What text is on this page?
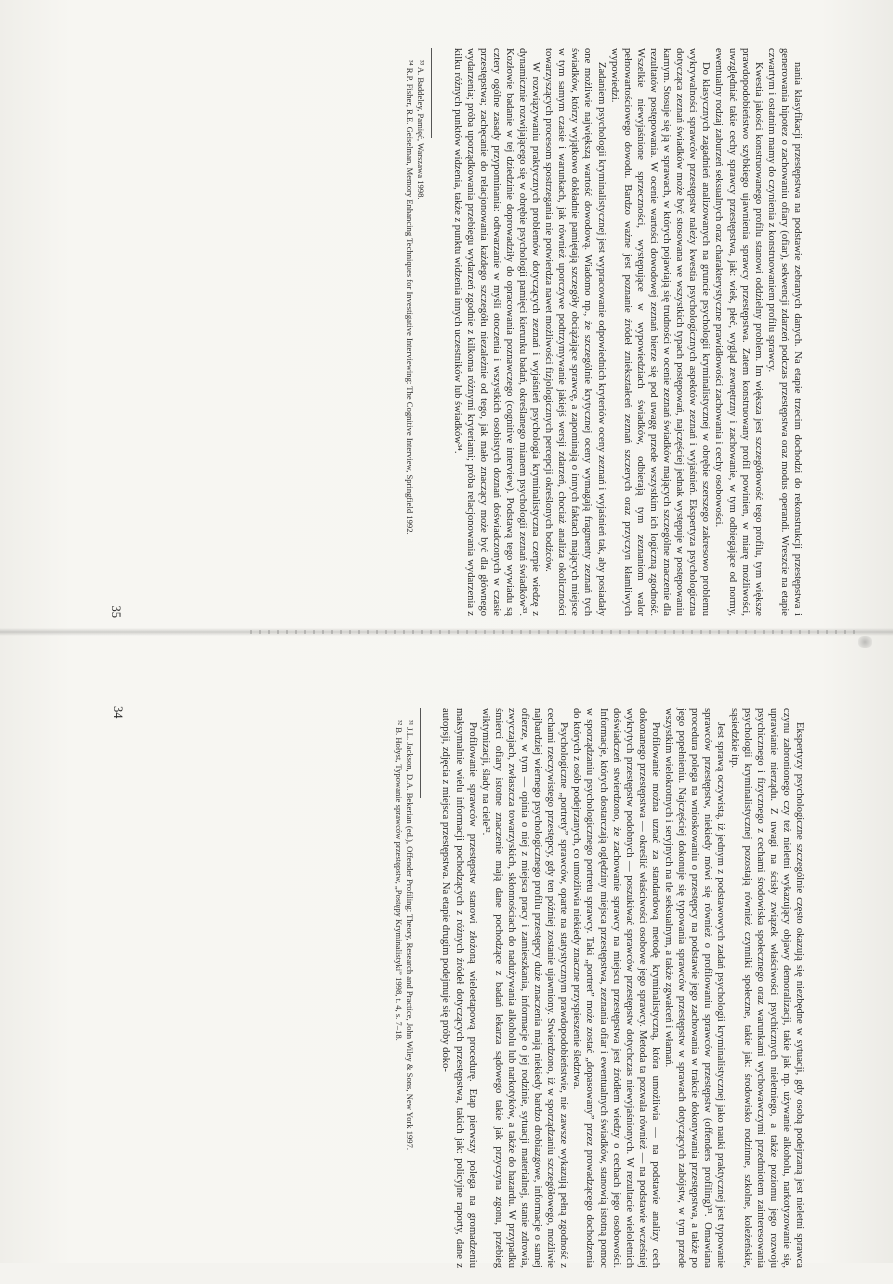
Ekspertyzy psychologiczne szczególnie często okazują się niezbędne w sytuacji, gdy osobą podejrzaną jest nieletni sprawca czynu zabronionego czy też nieletni wykazujący objawy demoralizacji, takie jak np. używanie alkoholu, narkotyzowanie się, uprawianie nierządu. Z uwagi na ścisły związek właściwości psychicznych nieletniego, a także poziomu jego rozwoju psychicznego i fizycznego z cechami środowiska społecznego oraz warunkami wychowawczymi przedmiotem zainteresowania psychologii kryminalistycznej pozostają również czynniki społeczne, takie jak: środowisko rodzinne, szkolne, koleżeńskie, sąsiedzkie itp.

Jest sprawą oczywistą, iż jednym z podstawowych zadań psychologii kryminalistycznej jako nauki praktycznej jest typowanie sprawców przestępstw, niekiedy mówi się również o profilowaniu sprawców przestępstw (offenders profiling)³¹. Omawiana procedura polega na wnioskowaniu o przestępcy na podstawie jego zachowania w trakcie dokonywania przestępstwa, a także po jego popełnieniu. Najczęściej dokonuje się typowania sprawców przestępstw w sprawach dotyczących zabójstw, w tym przede wszystkim wielokrotnych i seryjnych na tle seksualnym, a także zgwałceń i włamań.

Profilowanie można uznać za standardową metodę kryminalistyczną, która umożliwia — na podstawie analizy cech dokonanego przestępstwa — określić właściwości osobowe jego sprawcy. Metoda ta pozwala również — na podstawie wcześniej wykrytych przestępstw podobnych — poszukiwać sprawców przestępstw dotychczas niewyjaśnionych. W rezultacie wieloletnich doświadczeń stwierdzono, że zachowanie sprawcy na miejscu przestępstwa jest źródłem wiedzy o cechach jego osobowości. Informacje, których dostarczają oględziny miejsca przestępstwa, zeznania ofiar i ewentualnych świadków, stanowią istotną pomoc w sporządzaniu psychologicznego portretu sprawcy. Taki „portret” może zostać „dopasowany” przez prowadzącego dochodzenia do których z osób podejrzanych, co umożliwia niekiedy znaczne przyspieszenie śledztwa.

Psychologiczne „portrety” sprawców, oparte na statystycznym prawdopodobieństwie, nie zawsze wykazują pełną zgodność z cechami rzeczywistego przestępcy, gdy ten później zostanie ujawniony. Stwierdzono, iż w sporządzaniu szczegółowego, możliwie najbardziej wiernego psychologicznego profilu przestępcy duże znaczenia mają niekiedy bardzo drobiazgowe, informacje o samej ofierze, w tym — opinia o niej z miejsca pracy i zamieszkania, informacje o jej rodzinie, sytuacji materialnej, stanie zdrowia, zwyczajach, zwłaszcza towarzyskich, skłonnościach do nadużywania alkoholu lub narkotyków, a także do hazardu. W przypadku śmierci ofiary istotne znaczenie mają dane pochodzące z badań lekarza sądowego takie jak przyczyna zgonu, przebieg wiktymizacji, ślady na ciele³².

Profilowanie sprawców przestępstw stanowi złożoną wieloetapową procedurę. Etap pierwszy polega na gromadzeniu maksymalnie wielu informacji pochodzących z różnych źródeł dotyczących przestępstwa, takich jak: policyjne raporty, dane z autopsji, zdjęcia z miejsca przestępstwa. Na etapie drugim podejmuje się próby doko-

³¹ J.L. Jackson, D.A. Bekerian (ed.), Offender Profiling: Theory, Research and Practice, John Wiley & Sons, New York 1997.

³² B. Hołyst, Typowanie sprawców przestępstw, „Postępy Kryminalistyki” 1998, t. 4, s. 7–18.

34

nania klasyfikacji przestępstwa na podstawie zebranych danych. Na etapie trzecim dochodzi do rekonstrukcji przestępstwa i generowania hipotez o zachowaniu ofiary (ofiar), sekwencji zdarzeń podczas przestępstwa oraz modus operandi. Wreszcie na etapie czwartym i ostatnim mamy do czynienia z konstruowaniem profilu sprawcy.

Kwestia jakości konstruowanego profilu stanowi oddzielny problem. Im większa jest szczegółowość tego profilu, tym większe prawdopodobieństwo szybkiego ujawnienia sprawcy przestępstwa. Zatem konstruowany profil powinien, w miarę możliwości, uwzględniać takie cechy sprawcy przestępstwa, jak: wiek, płeć, wygląd zewnętrzny i zachowanie, w tym odbiegające od normy, ewentualny rodzaj zaburzeń seksualnych oraz charakterystyczne prawidłowości zachowania i cechy osobowości.

Do klasycznych zagadnień analizowanych na gruncie psychologii kryminalistycznej w obrębie szerszego zakresowo problemu wykrywalności sprawców przestępstw należy kwestia psychologicznych aspektów zeznań i wyjaśnień. Ekspertyza psychologiczna dotycząca zeznań świadków może być stosowana we wszystkich typach postępowań, najczęściej jednak występuje w postępowaniu karnym. Stosuje się ją w sprawach, w których pojawiają się trudności w ocenie zeznań świadków mających szczególne znaczenie dla rezultatów postępowania. W ocenie wartości dowodowej zeznań bierze się pod uwagę przede wszystkim ich logiczną zgodność. Wszelkie niewyjaśnione sprzeczności, występujące w wypowiedziach świadków, odbierają tym zeznaniom walor pełnowartościowego dowodu. Bardzo ważne jest poznanie źródeł zniekształceń zeznań szczerych oraz przyczyn kłamliwych wypowiedzi.

Zadaniem psychologii kryminalistycznej jest wypracowanie odpowiednich kryteriów oceny zeznań i wyjaśnień tak, aby posiadały one możliwie największą wartość dowodową. Wiadomo np., że szczególnie krytycznej oceny wymagają fragmenty zeznań tych świadków, którzy wyjątkowo dokładnie pamiętają szczegóły obciążające sprawcę, a zapominają o innych faktach mających miejsce w tym samym czasie i warunkach, jak również uporczywe podtrzymywanie jakiejś wersji zdarzeń, chociaż analiza okoliczności towarzyszących procesom spostrzegania nie potwierdza nawet możliwości fizjologicznych percepcji określonych bodźców.

W rozwiązywaniu praktycznych problemów dotyczących zeznań i wyjaśnień psychologia kryminalistyczna czerpie wiedzę z dynamicznie rozwijającego się w obrębie psychologii pamięci kierunku badań, określanego mianem psychologii zeznań świadków³³. Kozłowie badanie w tej dziedzinie doprowadziły do opracowania poznawczego (cognitive interview). Podstawą tego wywiadu są cztery ogólne zasady przypominania: odtwarzanie w myśli otoczenia i wszystkich osobistych doznań doświadczonych w czasie przestępstwa; zachęcanie do relacjonowania każdego szczegółu niezależnie od tego, jak mało znaczący może być dla głównego wydarzenia; próba uporządkowania przebiegu wydarzeń zgodnie z kilkoma różnymi kryteriami; próba relacjonowania wydarzenia z kilku różnych punktów widzenia, także z punktu widzenia innych uczestników lub świadków³⁴.

³³ A. Baddeley, Pamięć, Warszawa 1998.

³⁴ R.P. Fisher, R.E. Geiselman, Memory Enhancing Techniques for Investigative Interviewing: The Cognitive Interview, Springfield 1992.

35
